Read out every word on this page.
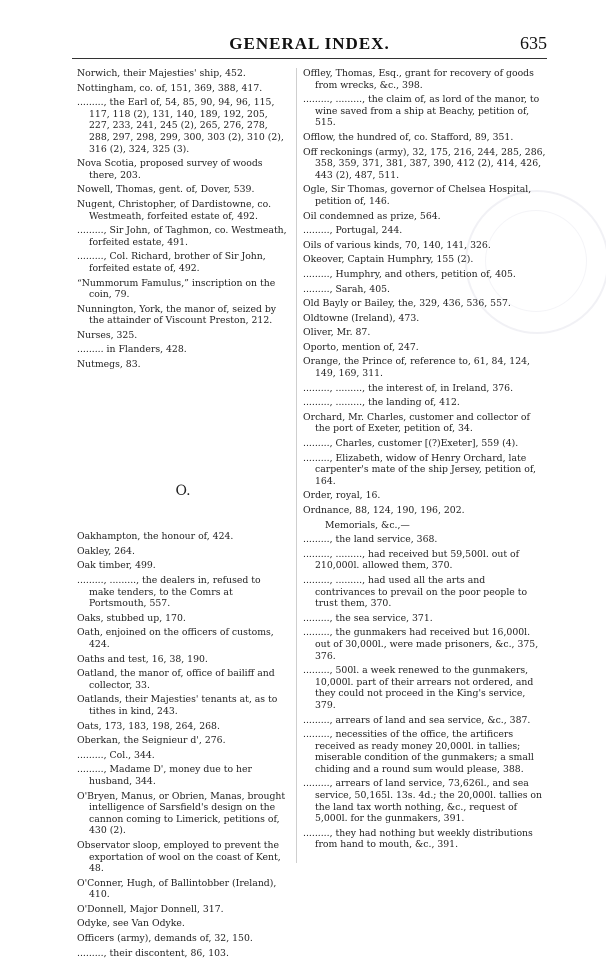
GENERAL INDEX.	635
Norwich, their Majesties' ship, 452.
Nottingham, co. of, 151, 369, 388, 417.
........., the Earl of, 54, 85, 90, 94, 96, 115, 117, 118 (2), 131, 140, 189, 192, 205, 227, 233, 241, 245 (2), 265, 276, 278, 288, 297, 298, 299, 300, 303 (2), 310 (2), 316 (2), 324, 325 (3).
Nova Scotia, proposed survey of woods there, 203.
Nowell, Thomas, gent. of, Dover, 539.
Nugent, Christopher, of Dardistowne, co. Westmeath, forfeited estate of, 492.
........., Sir John, of Taghmon, co. Westmeath, forfeited estate, 491.
........., Col. Richard, brother of Sir John, forfeited estate of, 492.
“Nummorum Famulus,” inscription on the coin, 79.
Nunnington, York, the manor of, seized by the attainder of Viscount Preston, 212.
Nurses, 325.
......... in Flanders, 428.
Nutmegs, 83.
O.
Oakhampton, the honour of, 424.
Oakley, 264.
Oak timber, 499.
........., ........., the dealers in, refused to make tenders, to the Comrs at Portsmouth, 557.
Oaks, stubbed up, 170.
Oath, enjoined on the officers of customs, 424.
Oaths and test, 16, 38, 190.
Oatland, the manor of, office of bailiff and collector, 33.
Oatlands, their Majesties' tenants at, as to tithes in kind, 243.
Oats, 173, 183, 198, 264, 268.
Oberkan, the Seignieur d', 276.
........., Col., 344.
........., Madame D', money due to her husband, 344.
O'Bryen, Manus, or Obrien, Manas, brought intelligence of Sarsfield's design on the cannon coming to Limerick, petitions of, 430 (2).
Observator sloop, employed to prevent the exportation of wool on the coast of Kent, 48.
O'Conner, Hugh, of Ballintobber (Ireland), 410.
O'Donnell, Major Donnell, 317.
Odyke, see Van Odyke.
Officers (army), demands of, 32, 150.
........., their discontent, 86, 103.
Offley, Thomas, Esq., grant for recovery of goods from wrecks, &c., 398.
........., ........., the claim of, as lord of the manor, to wine saved from a ship at Beachy, petition of, 515.
Offlow, the hundred of, co. Stafford, 89, 351.
Off reckonings (army), 32, 175, 216, 244, 285, 286, 358, 359, 371, 381, 387, 390, 412 (2), 414, 426, 443 (2), 487, 511.
Ogle, Sir Thomas, governor of Chelsea Hospital, petition of, 146.
Oil condemned as prize, 564.
........., Portugal, 244.
Oils of various kinds, 70, 140, 141, 326.
Okeover, Captain Humphry, 155 (2).
........., Humphry, and others, petition of, 405.
........., Sarah, 405.
Old Bayly or Bailey, the, 329, 436, 536, 557.
Oldtowne (Ireland), 473.
Oliver, Mr. 87.
Oporto, mention of, 247.
Orange, the Prince of, reference to, 61, 84, 124, 149, 169, 311.
........., ........., the interest of, in Ireland, 376.
........., ........., the landing of, 412.
Orchard, Mr. Charles, customer and collector of the port of Exeter, petition of, 34.
........., Charles, customer [(?)Exeter], 559 (4).
........., Elizabeth, widow of Henry Orchard, late carpenter's mate of the ship Jersey, petition of, 164.
Order, royal, 16.
Ordnance, 88, 124, 190, 196, 202.
Memorials, &c.,—
........., the land service, 368.
........., ........., had received but 59,500l. out of 210,000l. allowed them, 370.
........., ........., had used all the arts and contrivances to prevail on the poor people to trust them, 370.
........., the sea service, 371.
........., the gunmakers had received but 16,000l. out of 30,000l., were made prisoners, &c., 375, 376.
........., 500l. a week renewed to the gunmakers, 10,000l. part of their arrears not ordered, and they could not proceed in the King's service, 379.
........., arrears of land and sea service, &c., 387.
........., necessities of the office, the artificers received as ready money 20,000l. in tallies; miserable condition of the gunmakers; a small chiding and a round sum would please, 388.
........., arrears of land service, 73,626l., and sea service, 50,165l. 13s. 4d.; the 20,000l. tallies on the land tax worth nothing, &c., request of 5,000l. for the gunmakers, 391.
........., they had nothing but weekly distributions from hand to mouth, &c., 391.
